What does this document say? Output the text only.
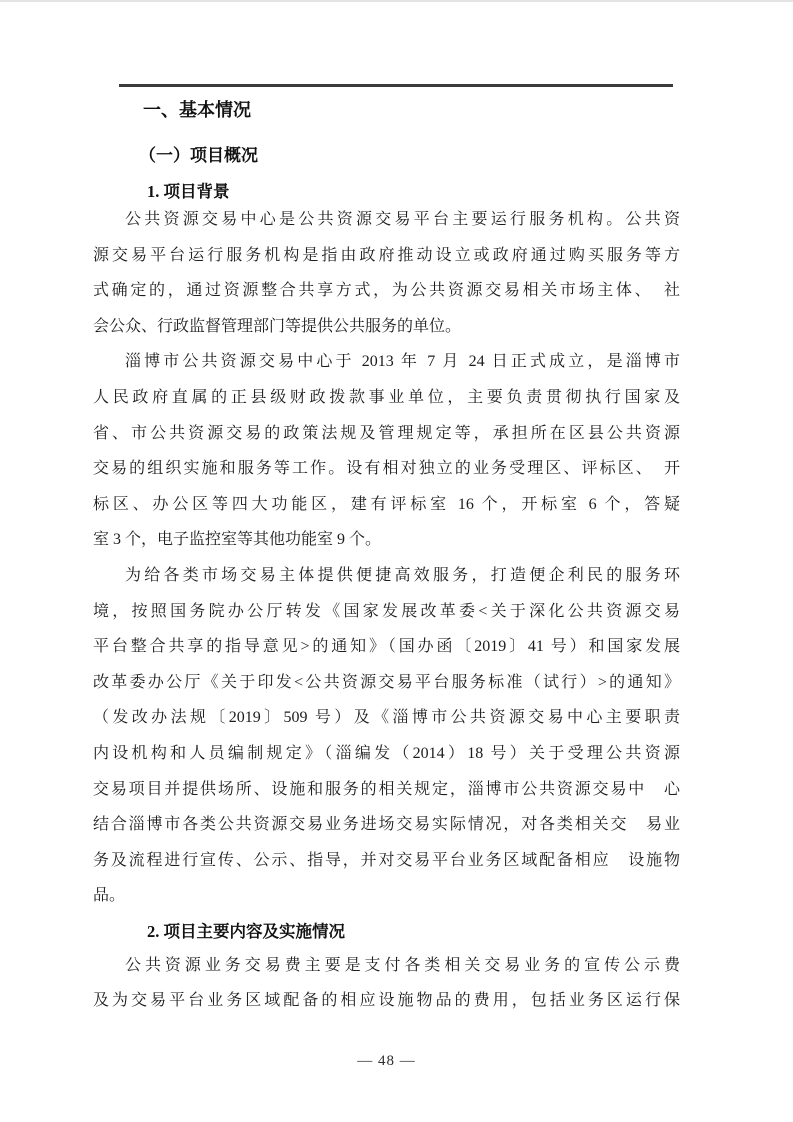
一、基本情况
（一）项目概况
1. 项目背景
公共资源交易中心是公共资源交易平台主要运行服务机构。公共资
源交易平台运行服务机构是指由政府推动设立或政府通过购买服务等方
式确定的，通过资源整合共享方式，为公共资源交易相关市场主体、　社
会公众、行政监督管理部门等提供公共服务的单位。
淄博市公共资源交易中心于 2013 年 7 月 24 日正式成立，是淄博市
人民政府直属的正县级财政拨款事业单位，主要负责贯彻执行国家及
省、市公共资源交易的政策法规及管理规定等，承担所在区县公共资源
交易的组织实施和服务等工作。设有相对独立的业务受理区、评标区、　开
标区、办公区等四大功能区，建有评标室 16 个，开标室 6 个，答疑
室 3 个，电子监控室等其他功能室 9 个。
为给各类市场交易主体提供便捷高效服务，打造便企利民的服务环
境，按照国务院办公厅转发《国家发展改革委<关于深化公共资源交易
平台整合共享的指导意见>的通知》（国办函〔2019〕41 号）和国家发展
改革委办公厅《关于印发<公共资源交易平台服务标准（试行）>的通知》
（发改办法规〔2019〕509 号）及《淄博市公共资源交易中心主要职责
内设机构和人员编制规定》（淄编发（2014）18 号）关于受理公共资源
交易项目并提供场所、设施和服务的相关规定，淄博市公共资源交易中　心
结合淄博市各类公共资源交易业务进场交易实际情况，对各类相关交　易业
务及流程进行宣传、公示、指导，并对交易平台业务区域配备相应　设施物
品。
2. 项目主要内容及实施情况
公共资源业务交易费主要是支付各类相关交易业务的宣传公示费
及为交易平台业务区域配备的相应设施物品的费用，包括业务区运行保
— 48 —
